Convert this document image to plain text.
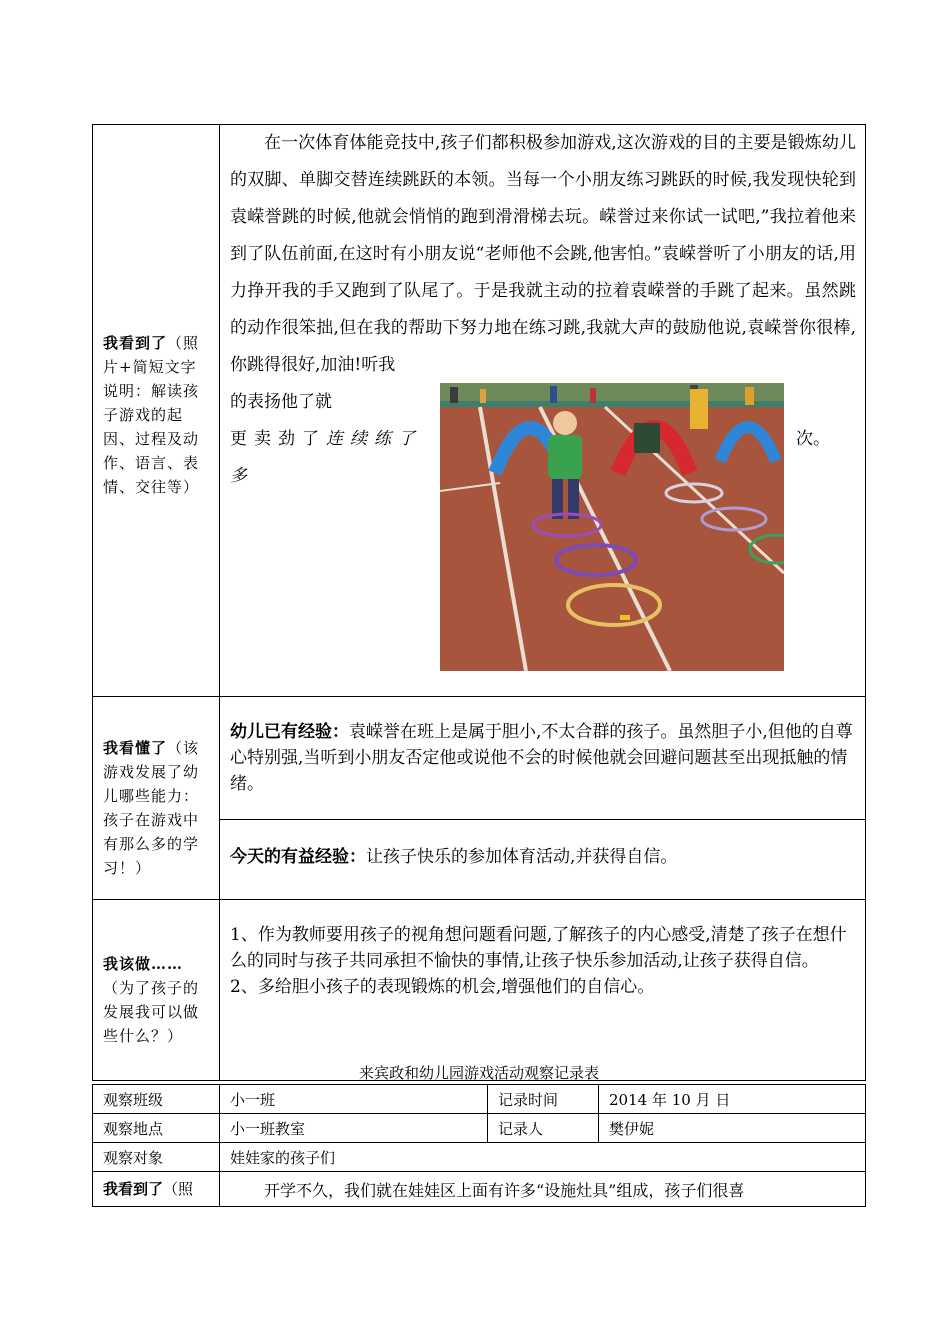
我看到了（照片+简短文字说明：解读孩子游戏的起因、过程及动作、语言、表情、交往等）	在一次体育体能竞技中,孩子们都积极参加游戏,这次游戏的目的主要是锻炼幼儿的双脚、单脚交替连续跳跃的本领。当每一个小朋友练习跳跃的时候,我发现快轮到袁嵘誉跳的时候,他就会悄悄的跑到滑滑梯去玩。嵘誉过来你试一试吧,”我拉着他来到了队伍前面,在这时有小朋友说“老师他不会跳,他害怕。”袁嵘誉听了小朋友的话,用力挣开我的手又跑到了队尾了。于是我就主动的拉着袁嵘誉的手跳了起来。虽然跳的动作很笨拙,但在我的帮助下努力地在练习跳,我就大声的鼓励他说,袁嵘誉你很棒,你跳得很好,加油!听我

的表扬他了就
更卖劲了连续练了多
次。

我看懂了（该游戏发展了幼儿哪些能力：孩子在游戏中有那么多的学习！）	幼儿已有经验：袁嵘誉在班上是属于胆小,不太合群的孩子。虽然胆子小,但他的自尊心特别强,当听到小朋友否定他或说他不会的时候他就会回避问题甚至出现抵触的情绪。

	今天的有益经验：让孩子快乐的参加体育活动,并获得自信。

我该做……（为了孩子的发展我可以做些什么？）	1、作为教师要用孩子的视角想问题看问题,了解孩子的内心感受,清楚了孩子在想什么的同时与孩子共同承担不愉快的事情,让孩子快乐参加活动,让孩子获得自信。

2、多给胆小孩子的表现锻炼的机会,增强他们的自信心。

来宾政和幼儿园游戏活动观察记录表
观察班级	小一班	记录时间	2014 年 10 月 日
观察地点	小一班教室	记录人	樊伊妮
观察对象	娃娃家的孩子们		
我看到了（照	开学不久，我们就在娃娃区上面有许多“设施灶具”组成，孩子们很喜		
